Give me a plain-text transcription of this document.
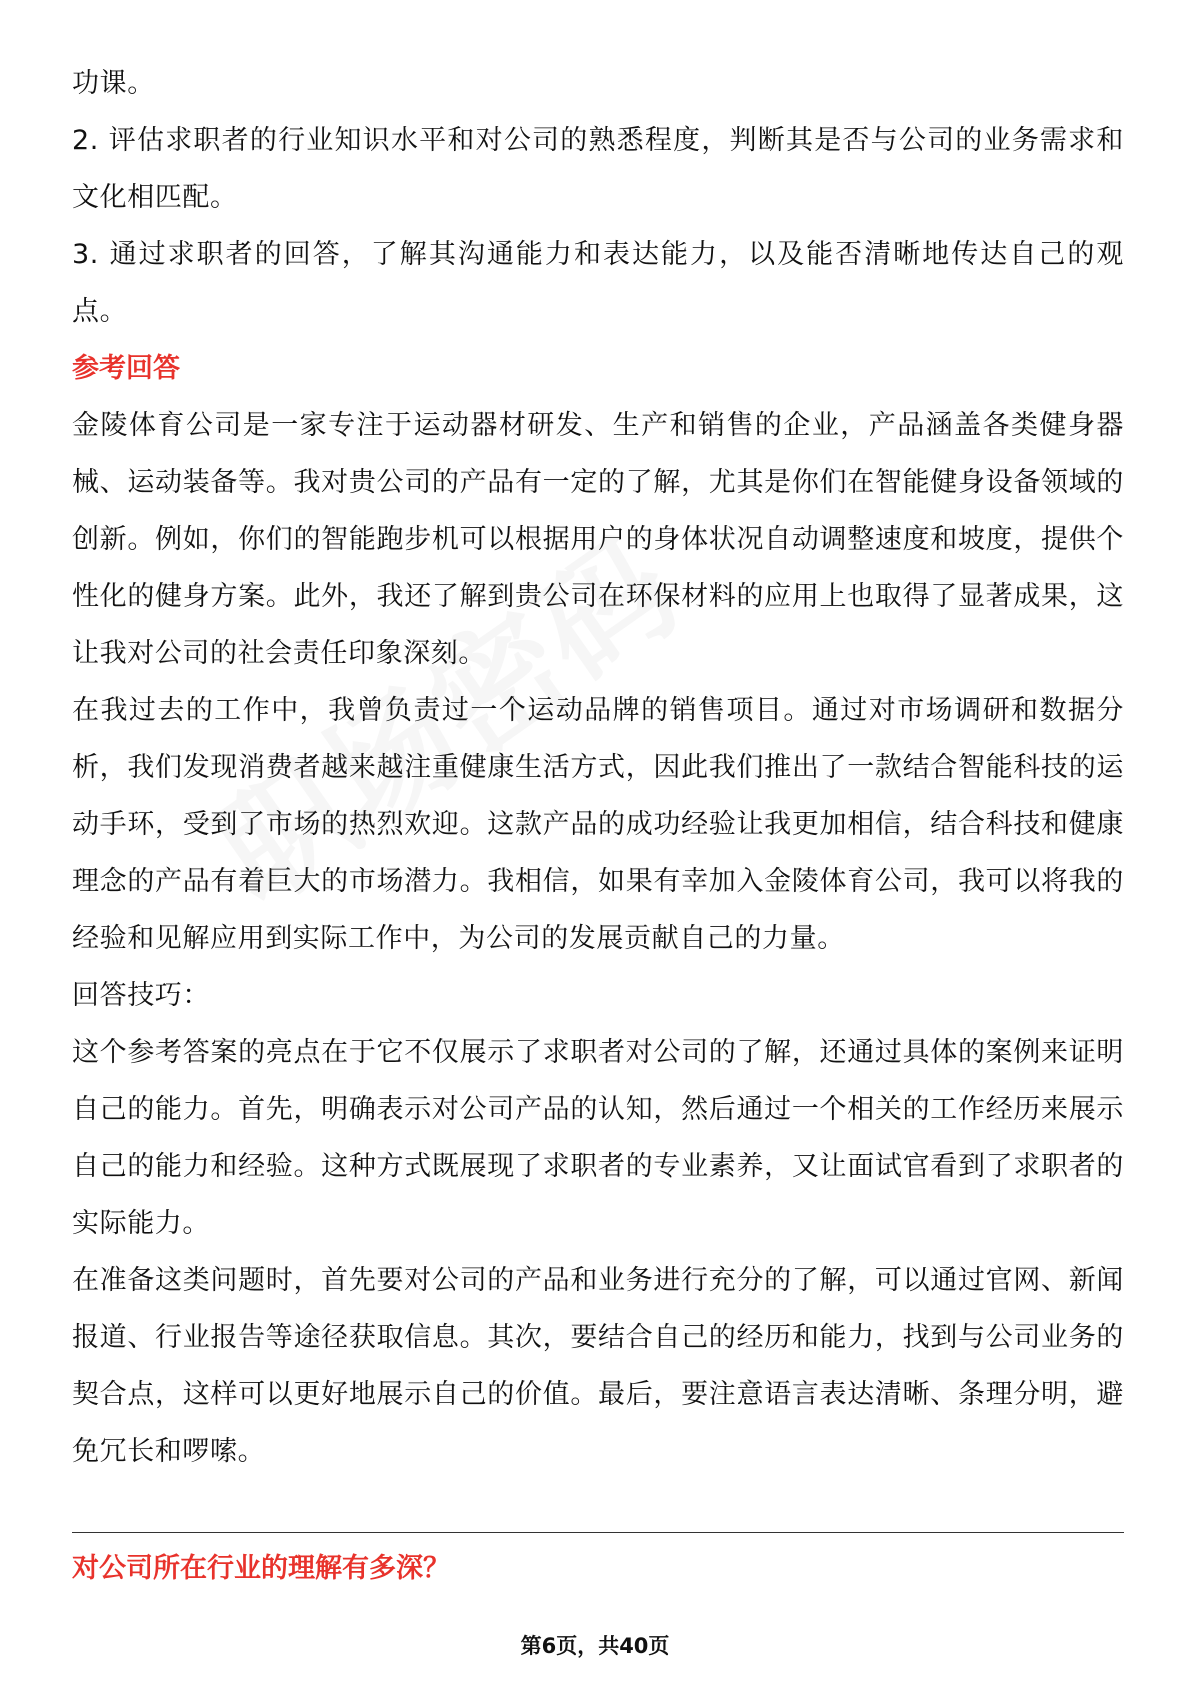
功课。

2. 评估求职者的行业知识水平和对公司的熟悉程度，判断其是否与公司的业务需求和文化相匹配。

3. 通过求职者的回答，了解其沟通能力和表达能力，以及能否清晰地传达自己的观点。

参考回答

金陵体育公司是一家专注于运动器材研发、生产和销售的企业，产品涵盖各类健身器械、运动装备等。我对贵公司的产品有一定的了解，尤其是你们在智能健身设备领域的创新。例如，你们的智能跑步机可以根据用户的身体状况自动调整速度和坡度，提供个性化的健身方案。此外，我还了解到贵公司在环保材料的应用上也取得了显著成果，这让我对公司的社会责任印象深刻。

在我过去的工作中，我曾负责过一个运动品牌的销售项目。通过对市场调研和数据分析，我们发现消费者越来越注重健康生活方式，因此我们推出了一款结合智能科技的运动手环，受到了市场的热烈欢迎。这款产品的成功经验让我更加相信，结合科技和健康理念的产品有着巨大的市场潜力。我相信，如果有幸加入金陵体育公司，我可以将我的经验和见解应用到实际工作中，为公司的发展贡献自己的力量。

回答技巧：

这个参考答案的亮点在于它不仅展示了求职者对公司的了解，还通过具体的案例来证明自己的能力。首先，明确表示对公司产品的认知，然后通过一个相关的工作经历来展示自己的能力和经验。这种方式既展现了求职者的专业素养，又让面试官看到了求职者的实际能力。

在准备这类问题时，首先要对公司的产品和业务进行充分的了解，可以通过官网、新闻报道、行业报告等途径获取信息。其次，要结合自己的经历和能力，找到与公司业务的契合点，这样可以更好地展示自己的价值。最后，要注意语言表达清晰、条理分明，避免冗长和啰嗦。

对公司所在行业的理解有多深？

第6页，共40页
